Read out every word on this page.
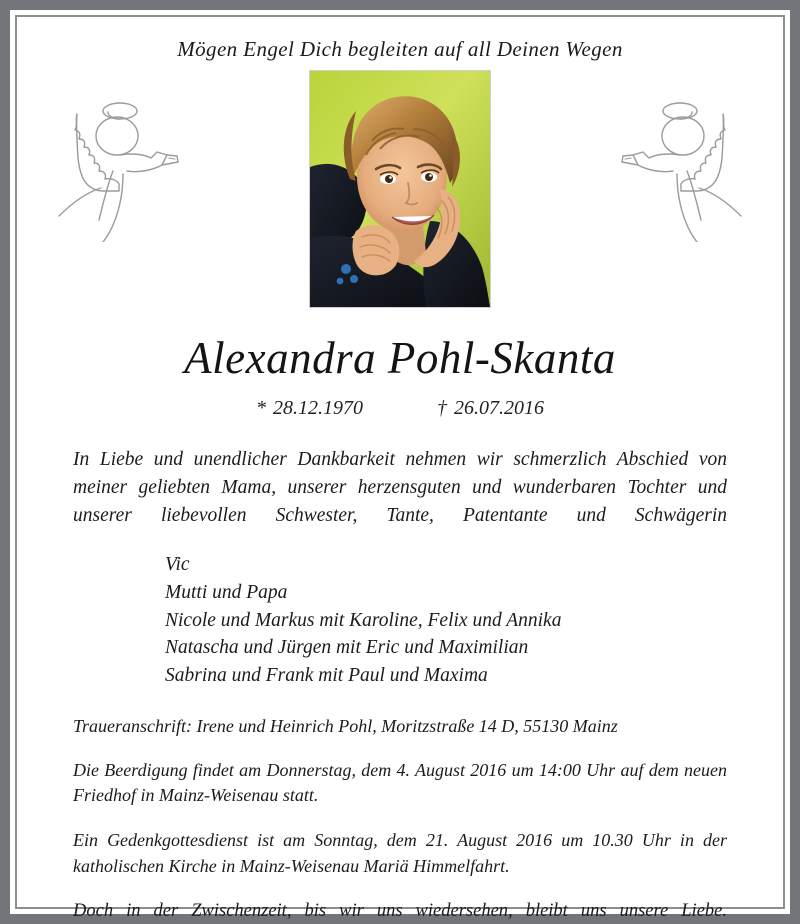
Mögen Engel Dich begleiten auf all Deinen Wegen
Alexandra Pohl-Skanta
* 28.12.1970	† 26.07.2016

In Liebe und unendlicher Dankbarkeit nehmen wir schmerzlich Abschied von meiner geliebten Mama, unserer herzensguten und wunderbaren Tochter und unserer liebevollen Schwester, Tante, Patentante und Schwägerin

Vic
Mutti und Papa
Nicole und Markus mit Karoline, Felix und Annika
Natascha und Jürgen mit Eric und Maximilian
Sabrina und Frank mit Paul und Maxima

Traueranschrift: Irene und Heinrich Pohl, Moritzstraße 14 D, 55130 Mainz

Die Beerdigung findet am Donnerstag, dem 4. August 2016 um 14:00 Uhr auf dem neuen Friedhof in Mainz-Weisenau statt.

Ein Gedenkgottesdienst ist am Sonntag, dem 21. August 2016 um 10.30 Uhr in der katholischen Kirche in Mainz-Weisenau Mariä Himmelfahrt.

Doch in der Zwischenzeit, bis wir uns wiedersehen, bleibt uns unsere Liebe.
